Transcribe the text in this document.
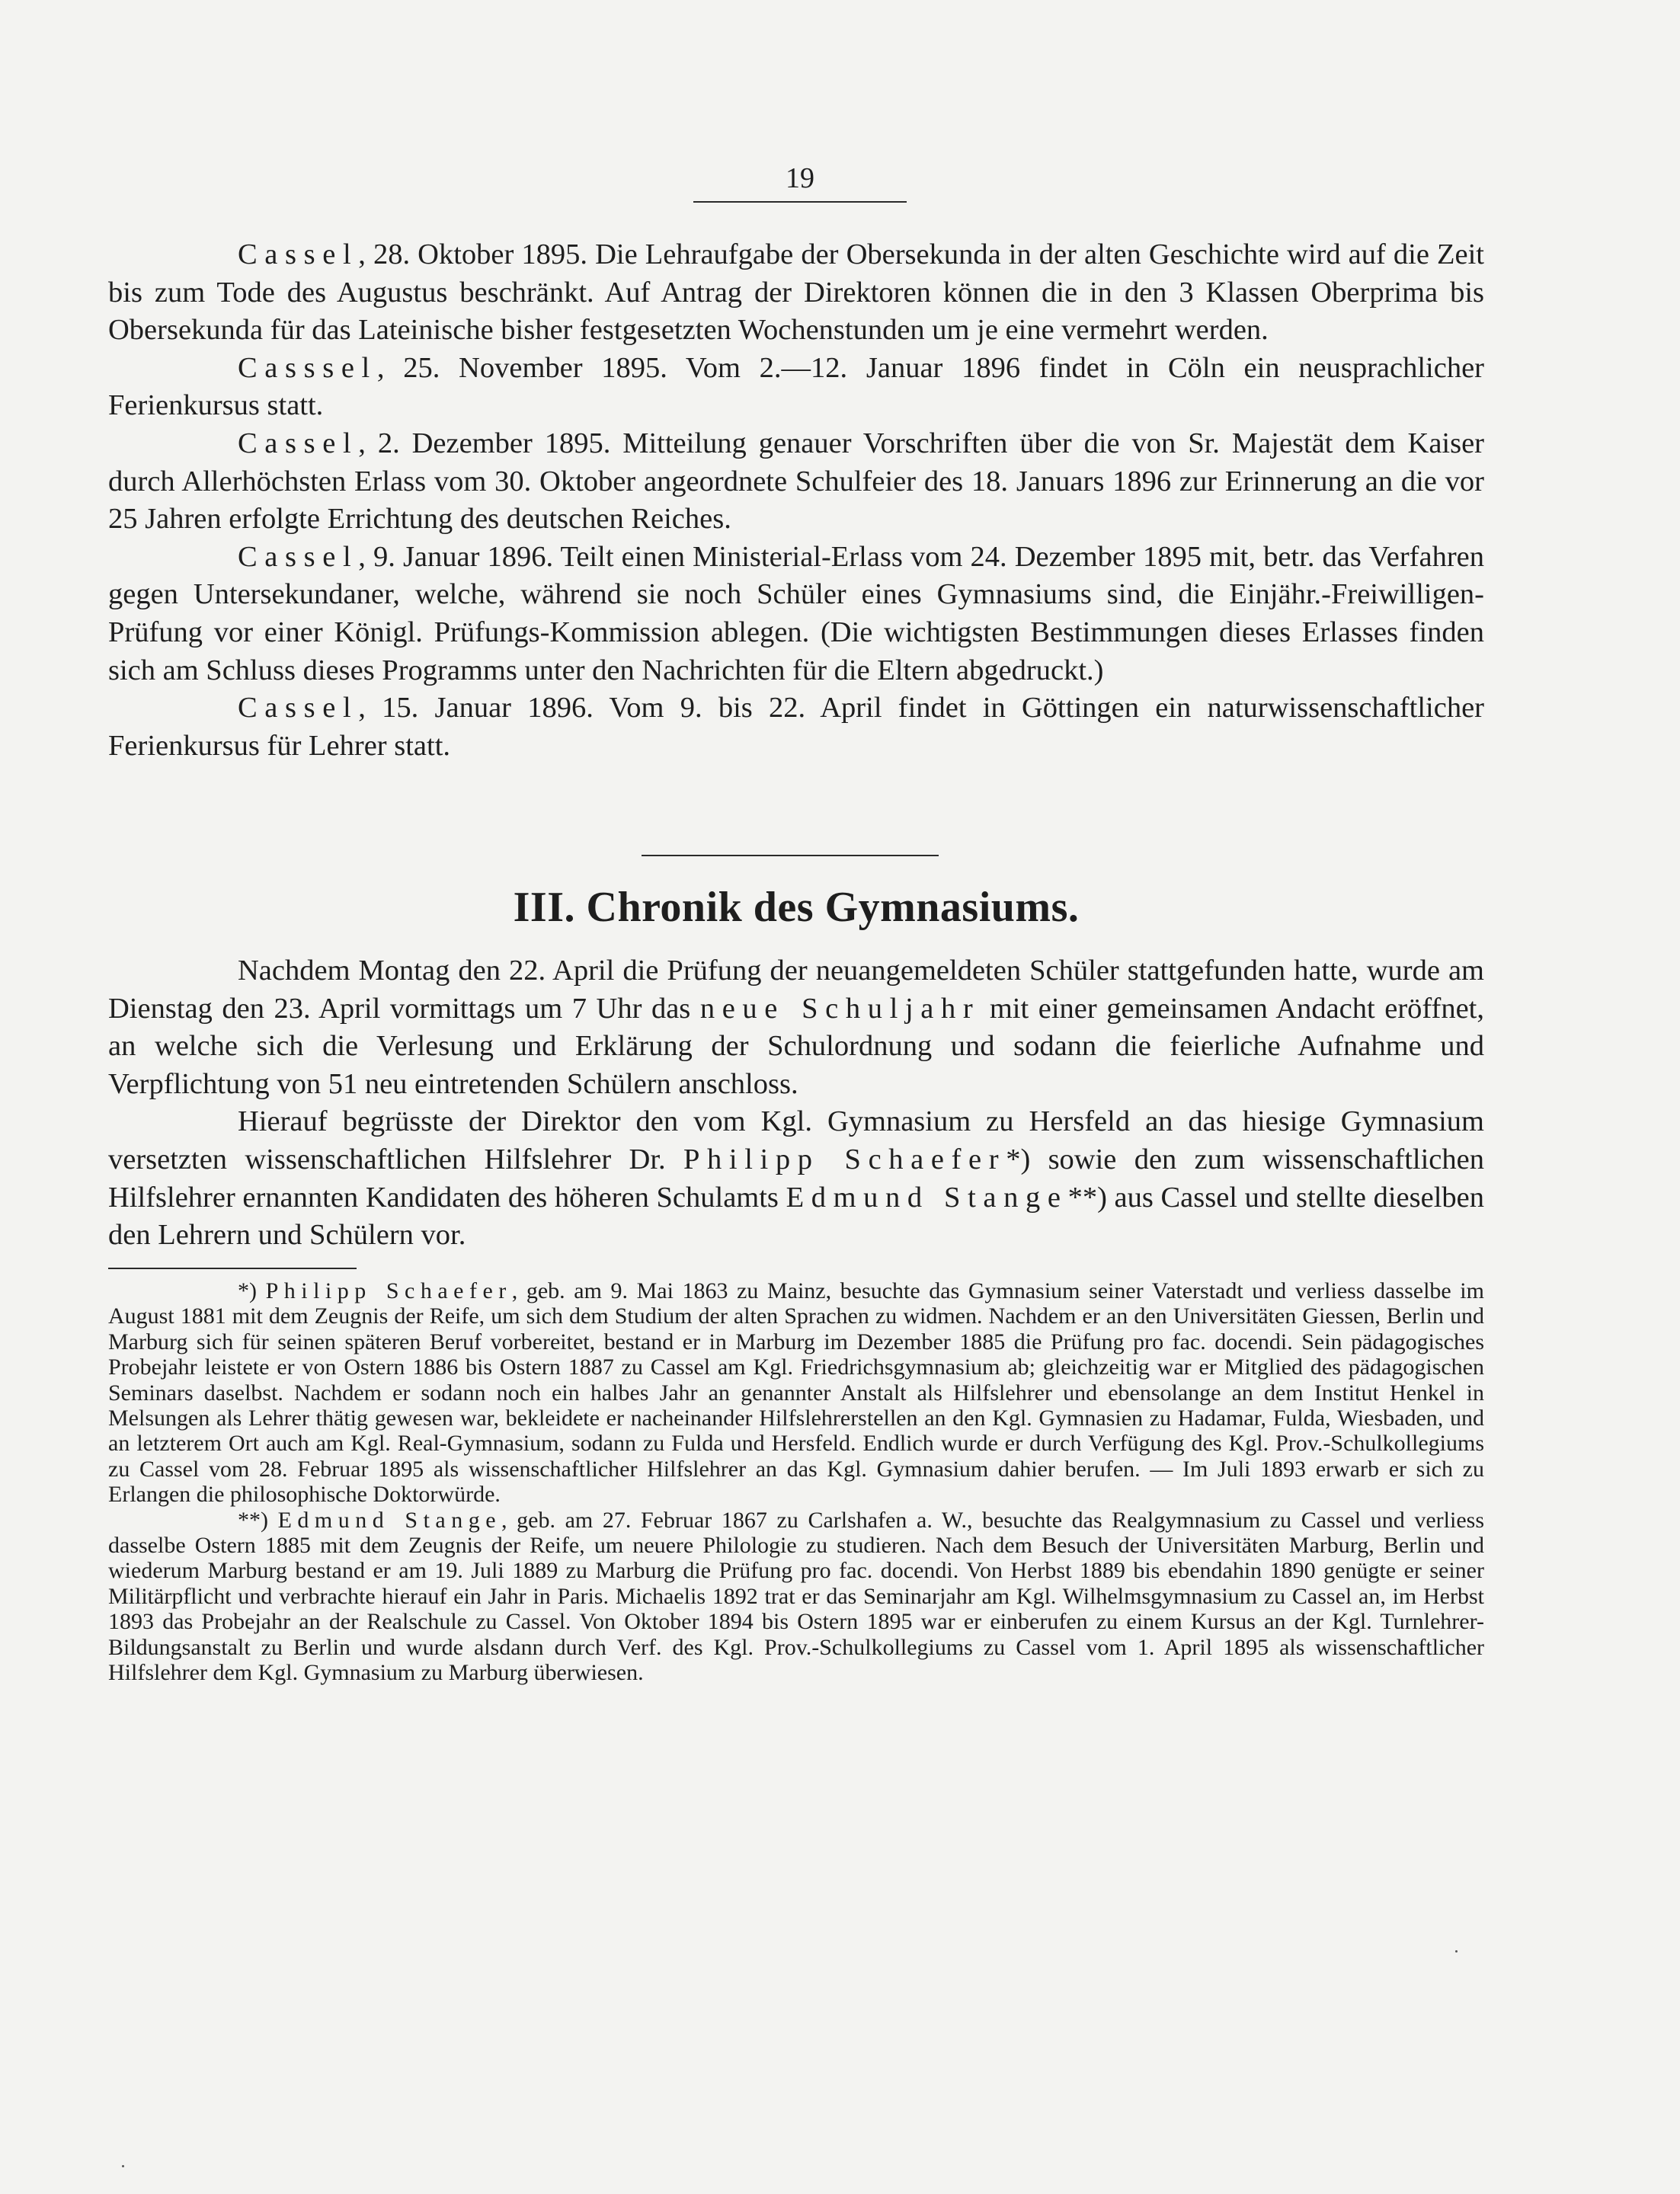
19

Cassel, 28. Oktober 1895. Die Lehraufgabe der Obersekunda in der alten Geschichte wird auf die Zeit bis zum Tode des Augustus beschränkt. Auf Antrag der Direktoren können die in den 3 Klassen Oberprima bis Obersekunda für das Lateinische bisher festgesetzten Wochenstunden um je eine vermehrt werden.

Casssel, 25. November 1895. Vom 2.—12. Januar 1896 findet in Cöln ein neusprachlicher Ferienkursus statt.

Cassel, 2. Dezember 1895. Mitteilung genauer Vorschriften über die von Sr. Majestät dem Kaiser durch Allerhöchsten Erlass vom 30. Oktober angeordnete Schulfeier des 18. Januars 1896 zur Erinnerung an die vor 25 Jahren erfolgte Errichtung des deutschen Reiches.

Cassel, 9. Januar 1896. Teilt einen Ministerial-Erlass vom 24. Dezember 1895 mit, betr. das Verfahren gegen Untersekundaner, welche, während sie noch Schüler eines Gymnasiums sind, die Einjähr.-Freiwilligen-Prüfung vor einer Königl. Prüfungs-Kommission ablegen. (Die wichtigsten Bestimmungen dieses Erlasses finden sich am Schluss dieses Programms unter den Nachrichten für die Eltern abgedruckt.)

Cassel, 15. Januar 1896. Vom 9. bis 22. April findet in Göttingen ein naturwissenschaftlicher Ferienkursus für Lehrer statt.

III. Chronik des Gymnasiums.

Nachdem Montag den 22. April die Prüfung der neuangemeldeten Schüler stattgefunden hatte, wurde am Dienstag den 23. April vormittags um 7 Uhr das neue Schuljahr mit einer gemeinsamen Andacht eröffnet, an welche sich die Verlesung und Erklärung der Schulordnung und sodann die feierliche Aufnahme und Verpflichtung von 51 neu eintretenden Schülern anschloss.

Hierauf begrüsste der Direktor den vom Kgl. Gymnasium zu Hersfeld an das hiesige Gymnasium versetzten wissenschaftlichen Hilfslehrer Dr. Philipp Schaefer*) sowie den zum wissenschaftlichen Hilfslehrer ernannten Kandidaten des höheren Schulamts Edmund Stange**) aus Cassel und stellte dieselben den Lehrern und Schülern vor.

*) Philipp Schaefer, geb. am 9. Mai 1863 zu Mainz, besuchte das Gymnasium seiner Vaterstadt und verliess dasselbe im August 1881 mit dem Zeugnis der Reife, um sich dem Studium der alten Sprachen zu widmen. Nachdem er an den Universitäten Giessen, Berlin und Marburg sich für seinen späteren Beruf vorbereitet, bestand er in Marburg im Dezember 1885 die Prüfung pro fac. docendi. Sein pädagogisches Probejahr leistete er von Ostern 1886 bis Ostern 1887 zu Cassel am Kgl. Friedrichsgymnasium ab; gleichzeitig war er Mitglied des pädagogischen Seminars daselbst. Nachdem er sodann noch ein halbes Jahr an genannter Anstalt als Hilfslehrer und ebensolange an dem Institut Henkel in Melsungen als Lehrer thätig gewesen war, bekleidete er nacheinander Hilfslehrerstellen an den Kgl. Gymnasien zu Hadamar, Fulda, Wiesbaden, und an letzterem Ort auch am Kgl. Real-Gymnasium, sodann zu Fulda und Hersfeld. Endlich wurde er durch Verfügung des Kgl. Prov.-Schulkollegiums zu Cassel vom 28. Februar 1895 als wissenschaftlicher Hilfslehrer an das Kgl. Gymnasium dahier berufen. — Im Juli 1893 erwarb er sich zu Erlangen die philosophische Doktorwürde.

**) Edmund Stange, geb. am 27. Februar 1867 zu Carlshafen a. W., besuchte das Realgymnasium zu Cassel und verliess dasselbe Ostern 1885 mit dem Zeugnis der Reife, um neuere Philologie zu studieren. Nach dem Besuch der Universitäten Marburg, Berlin und wiederum Marburg bestand er am 19. Juli 1889 zu Marburg die Prüfung pro fac. docendi. Von Herbst 1889 bis ebendahin 1890 genügte er seiner Militärpflicht und verbrachte hierauf ein Jahr in Paris. Michaelis 1892 trat er das Seminarjahr am Kgl. Wilhelmsgymnasium zu Cassel an, im Herbst 1893 das Probejahr an der Realschule zu Cassel. Von Oktober 1894 bis Ostern 1895 war er einberufen zu einem Kursus an der Kgl. Turnlehrer-Bildungsanstalt zu Berlin und wurde alsdann durch Verf. des Kgl. Prov.-Schulkollegiums zu Cassel vom 1. April 1895 als wissenschaftlicher Hilfslehrer dem Kgl. Gymnasium zu Marburg überwiesen.
